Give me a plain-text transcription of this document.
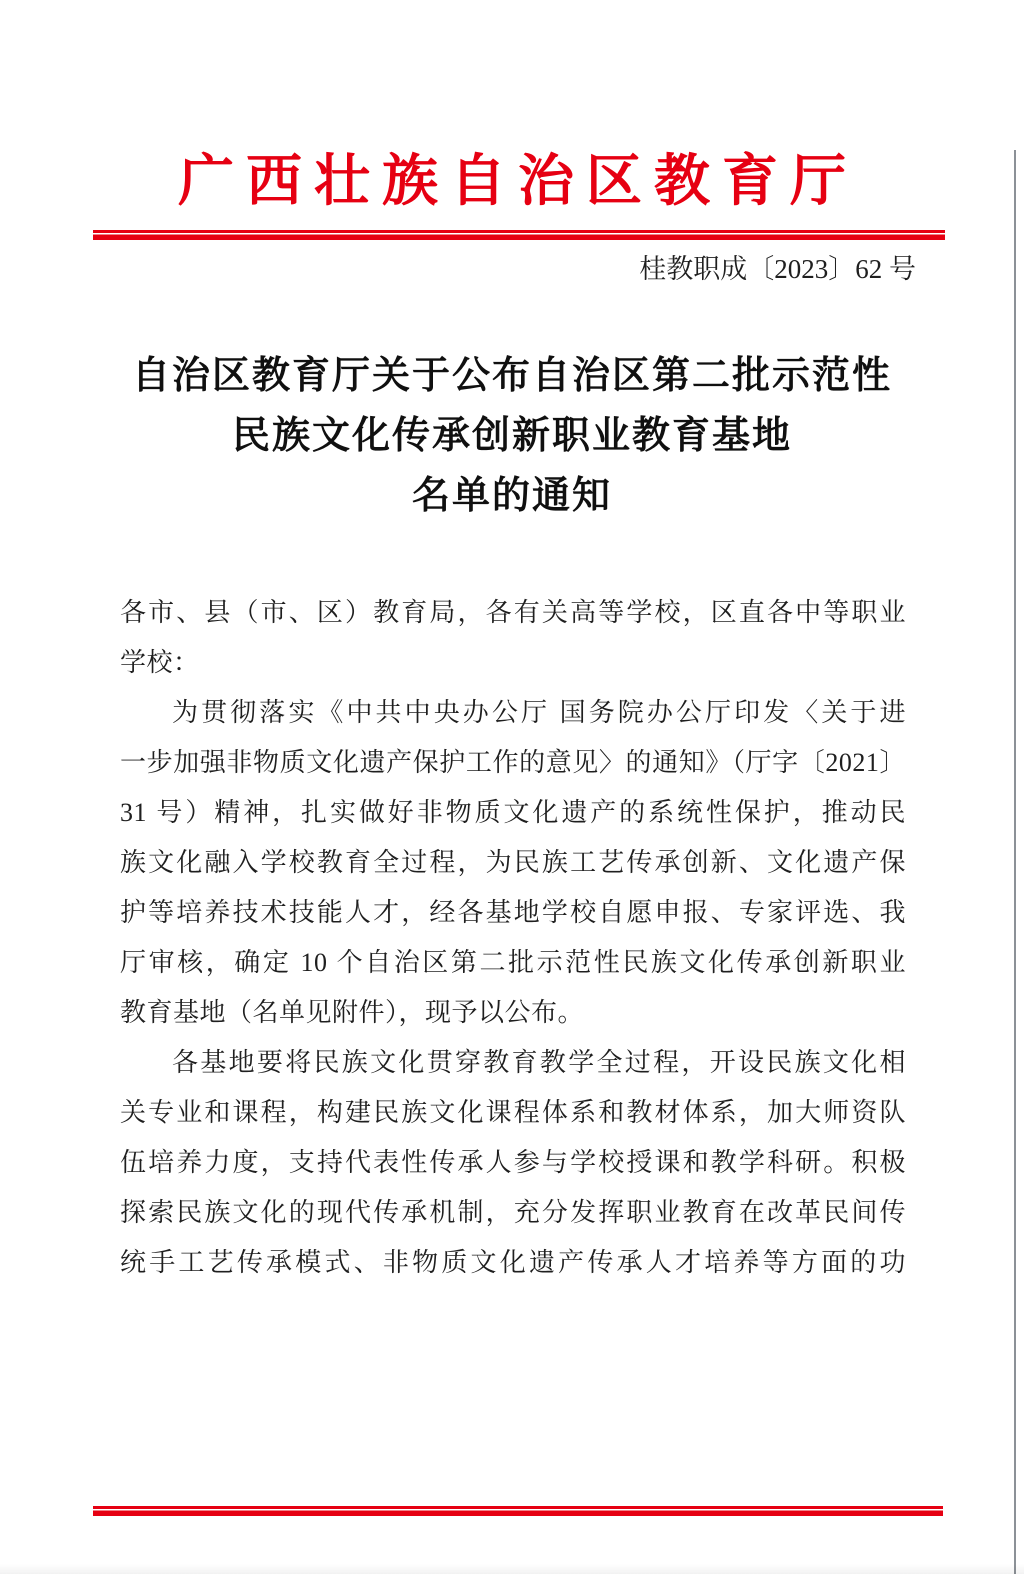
广西壮族自治区教育厅
桂教职成〔2023〕62 号
自治区教育厅关于公布自治区第二批示范性
民族文化传承创新职业教育基地
名单的通知
各市、县（市、区）教育局，各有关高等学校，区直各中等职业
学校：
为贯彻落实《中共中央办公厅 国务院办公厅印发〈关于进
一步加强非物质文化遗产保护工作的意见〉的通知》（厅字〔2021〕
31 号）精神，扎实做好非物质文化遗产的系统性保护，推动民
族文化融入学校教育全过程，为民族工艺传承创新、文化遗产保
护等培养技术技能人才，经各基地学校自愿申报、专家评选、我
厅审核，确定 10 个自治区第二批示范性民族文化传承创新职业
教育基地（名单见附件），现予以公布。
各基地要将民族文化贯穿教育教学全过程，开设民族文化相
关专业和课程，构建民族文化课程体系和教材体系，加大师资队
伍培养力度，支持代表性传承人参与学校授课和教学科研。积极
探索民族文化的现代传承机制，充分发挥职业教育在改革民间传
统手工艺传承模式、非物质文化遗产传承人才培养等方面的功
